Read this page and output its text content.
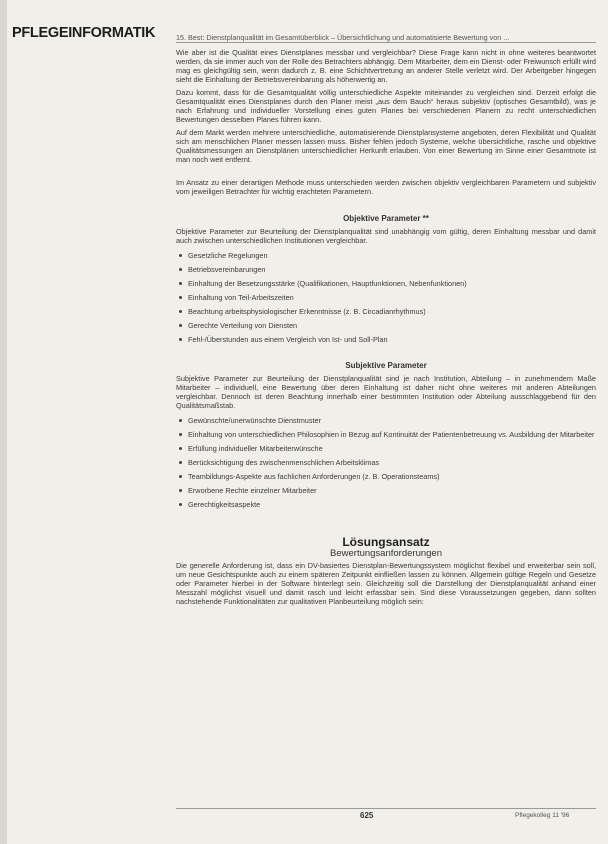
PFLEGEINFORMATIK	15. Best: Dienstplanqualität im Gesamtüberblick – Übersichtlichung und automatisierte Bewertung von ...

Wie aber ist die Qualität eines Dienstplanes messbar und vergleichbar? Diese Frage kann nicht in ohne weiteres beantwortet werden, da sie immer auch von der Rolle des Betrachters abhängig. Dem Mitarbeiter, dem ein Dienst- oder Freiwunsch erfüllt wird mag es gleichgültig sein, wenn dadurch z. B. eine Schichtvertretung an anderer Stelle verletzt wird. Der Arbeitgeber hingegen sieht die Einhaltung der Betriebsvereinbarung als höherwertig an.

Dazu kommt, dass für die Gesamtqualität völlig unterschiedliche Aspekte miteinander zu vergleichen sind. Derzeit erfolgt die Gesamtqualität eines Dienstplanes durch den Planer meist „aus dem Bauch“ heraus subjektiv (optisches Gesamtbild), was je nach Erfahrung und individueller Vorstellung eines guten Planes bei verschiedenen Planern zu recht unterschiedlichen Bewertungen desselben Planes führen kann.

Auf dem Markt werden mehrere unterschiedliche, automatisierende Dienstplansysteme angeboten, deren Flexibilität und Qualität sich am menschlichen Planer messen lassen muss. Bisher fehlen jedoch Systeme, welche übersichtliche, rasche und objektive Qualitätsmessungen an Dienstplänen unterschiedlicher Herkunft erlauben. Von einer Bewertung im Sinne einer Gesamtnote ist man noch weit entfernt.

Im Ansatz zu einer derartigen Methode muss unterschieden werden zwischen objektiv vergleichbaren Parametern und subjektiv vom jeweiligen Betrachter für wichtig erachteten Parametern.

Objektive Parameter **

Objektive Parameter zur Beurteilung der Dienstplanqualität sind unabhängig vom gültig, deren Einhaltung messbar und damit auch zwischen unterschiedlichen Institutionen vergleichbar.

Gesetzliche Regelungen
Betriebsvereinbarungen
Einhaltung der Besetzungsstärke (Qualifikationen, Hauptfunktionen, Nebenfunktionen)
Einhaltung von Teil-Arbeitszeiten
Beachtung arbeitsphysiologischer Erkenntnisse (z. B. Circadianrhythmus)
Gerechte Verteilung von Diensten
Fehl-/Überstunden aus einem Vergleich von Ist- und Soll-Plan
Subjektive Parameter

Subjektive Parameter zur Beurteilung der Dienstplanqualität sind je nach Institution, Abteilung – in zunehmendem Maße Mitarbeiter – individuell, eine Bewertung über deren Einhaltung ist daher nicht ohne weiteres mit anderen Abteilungen vergleichbar. Dennoch ist deren Beachtung innerhalb einer bestimmten Institution oder Abteilung ausschlaggebend für den Qualitätsmaßstab.

Gewünschte/unerwünschte Dienstmuster
Einhaltung von unterschiedlichen Philosophien in Bezug auf Kontinuität der Patientenbetreuung vs. Ausbildung der Mitarbeiter
Erfüllung individueller Mitarbeiterwünsche
Berücksichtigung des zwischenmenschlichen Arbeitsklimas
Teambildungs-Aspekte aus fachlichen Anforderungen (z. B. Operationsteams)
Erworbene Rechte einzelner Mitarbeiter
Gerechtigkeitsaspekte
Lösungsansatz
Bewertungsanforderungen

Die generelle Anforderung ist, dass ein DV-basiertes Dienstplan-Bewertungssystem möglichst flexibel und erweiterbar sein soll, um neue Gesichtspunkte auch zu einem späteren Zeitpunkt einfließen lassen zu können. Allgemein gültige Regeln und Gesetze oder Parameter hierbei in der Software hinterlegt sein. Gleichzeitig soll die Darstellung der Dienstplanqualität anhand einer Messzahl möglichst visuell und damit rasch und leicht erfassbar sein. Sind diese Voraussetzungen gegeben, dann sollten nachstehende Funktionalitäten zur qualitativen Planbeurteilung möglich sein:

625	Pflegekolleg 11 '96
